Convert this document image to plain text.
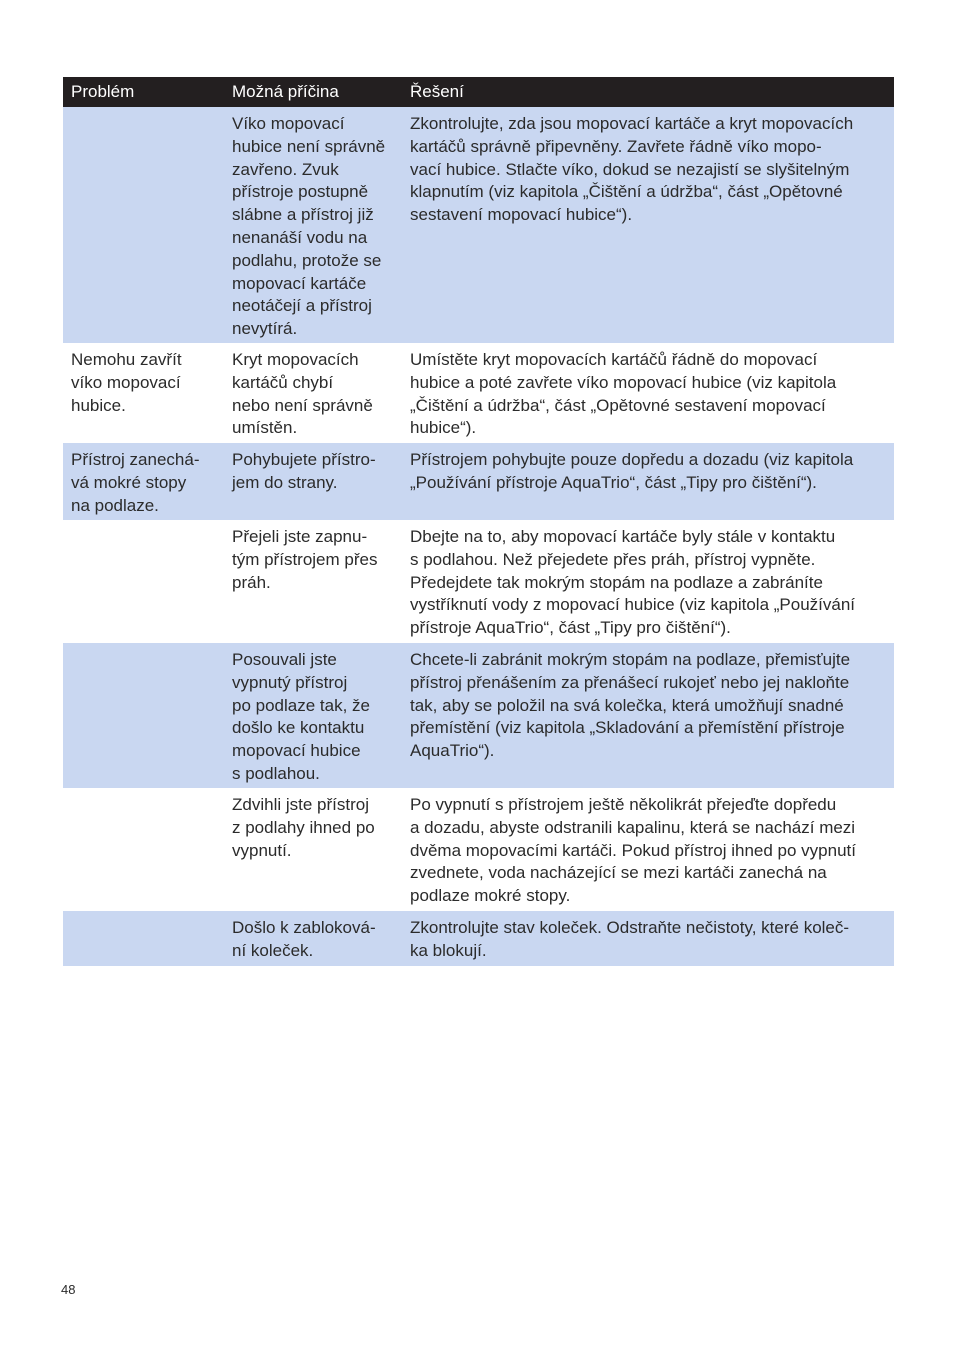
Problém	Možná příčina	Řešení
Víko mopovací
hubice není správně
zavřeno. Zvuk
přístroje postupně
slábne a přístroj již
nenanáší vodu na
podlahu, protože se
mopovací kartáče
neotáčejí a přístroj
nevytírá.
Zkontrolujte, zda jsou mopovací kartáče a kryt mopovacích
kartáčů správně připevněny. Zavřete řádně víko mopo-
vací hubice. Stlačte víko, dokud se nezajistí se slyšitelným
klapnutím (viz kapitola „Čištění a údržba“, část „Opětovné
sestavení mopovací hubice“).
Nemohu zavřít
víko mopovací
hubice.
Kryt mopovacích
kartáčů chybí
nebo není správně
umístěn.
Umístěte kryt mopovacích kartáčů řádně do mopovací
hubice a poté zavřete víko mopovací hubice (viz kapitola
„Čištění a údržba“, část „Opětovné sestavení mopovací
hubice“).
Přístroj zanechá-
vá mokré stopy
na podlaze.
Pohybujete přístro-
jem do strany.
Přístrojem pohybujte pouze dopředu a dozadu (viz kapitola
„Používání přístroje AquaTrio“, část „Tipy pro čištění“).
Přejeli jste zapnu-
tým přístrojem přes
práh.
Dbejte na to, aby mopovací kartáče byly stále v kontaktu
s podlahou. Než přejedete přes práh, přístroj vypněte.
Předejdete tak mokrým stopám na podlaze a zabráníte
vystříknutí vody z mopovací hubice (viz kapitola „Používání
přístroje AquaTrio“, část „Tipy pro čištění“).
Posouvali jste
vypnutý přístroj
po podlaze tak, že
došlo ke kontaktu
mopovací hubice
s podlahou.
Chcete-li zabránit mokrým stopám na podlaze, přemisťujte
přístroj přenášením za přenášecí rukojeť nebo jej nakloňte
tak, aby se položil na svá kolečka, která umožňují snadné
přemístění (viz kapitola „Skladování a přemístění přístroje
AquaTrio“).
Zdvihli jste přístroj
z podlahy ihned po
vypnutí.
Po vypnutí s přístrojem ještě několikrát přejeďte dopředu
a dozadu, abyste odstranili kapalinu, která se nachází mezi
dvěma mopovacími kartáči. Pokud přístroj ihned po vypnutí
zvednete, voda nacházející se mezi kartáči zanechá na
podlaze mokré stopy.
Došlo k zabloková-
ní koleček.
Zkontrolujte stav koleček. Odstraňte nečistoty, které koleč-
ka blokují.
48
